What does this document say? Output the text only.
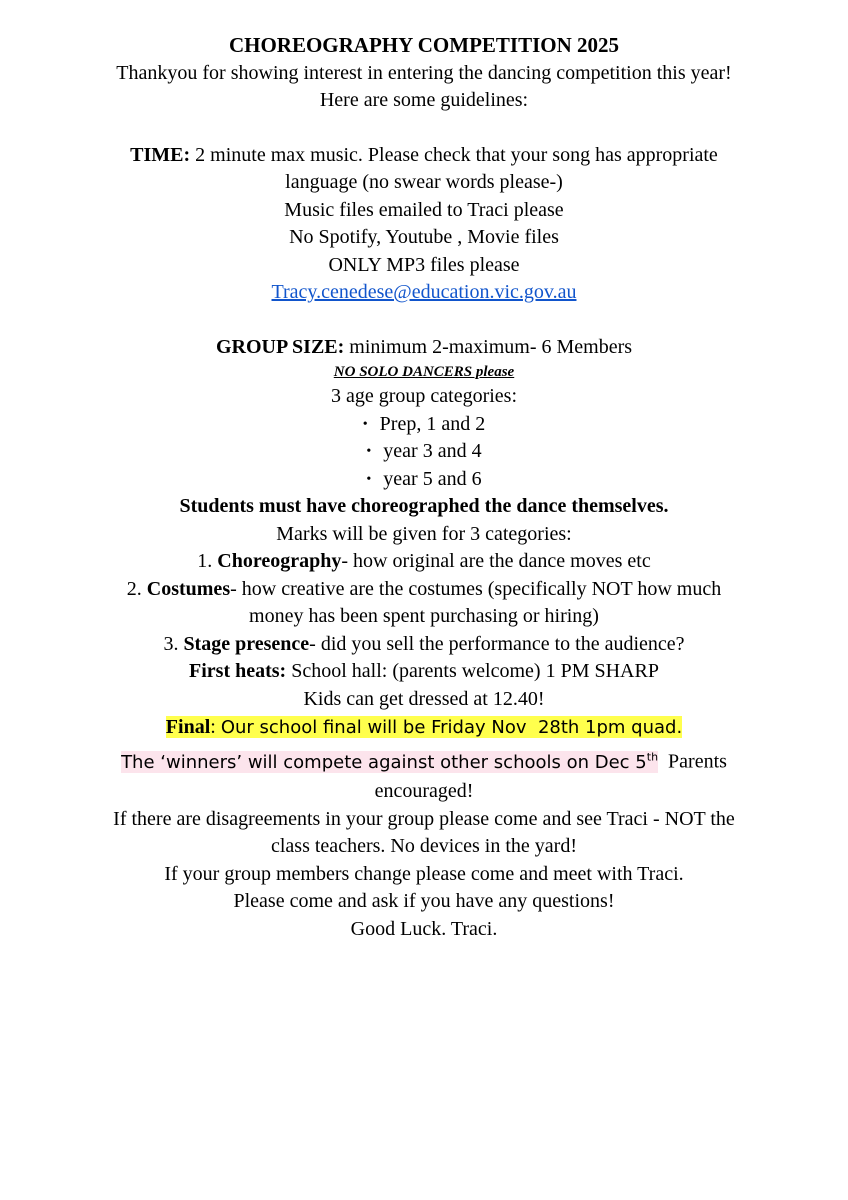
CHOREOGRAPHY COMPETITION 2025

Thankyou for showing interest in entering the dancing competition this year!

Here are some guidelines:

TIME: 2 minute max music. Please check that your song has appropriate language (no swear words please-)

Music files emailed to Traci please

No Spotify, Youtube , Movie files

ONLY MP3 files please

Tracy.cenedese@education.vic.gov.au

GROUP SIZE: minimum 2-maximum- 6 Members

NO SOLO DANCERS please

3 age group categories:

• Prep, 1 and 2

• year 3 and 4

• year 5 and 6

Students must have choreographed the dance themselves.

Marks will be given for 3 categories:

1. Choreography- how original are the dance moves etc

2. Costumes- how creative are the costumes (specifically NOT how much money has been spent purchasing or hiring)

3. Stage presence- did you sell the performance to the audience?

First heats: School hall: (parents welcome) 1 PM SHARP

Kids can get dressed at 12.40!

Final: Our school final will be Friday Nov  28th 1pm quad.

The ‘winners’ will compete against other schools on Dec 5th  Parents encouraged!

If there are disagreements in your group please come and see Traci - NOT the class teachers. No devices in the yard!

If your group members change please come and meet with Traci.

Please come and ask if you have any questions!

Good Luck. Traci.
